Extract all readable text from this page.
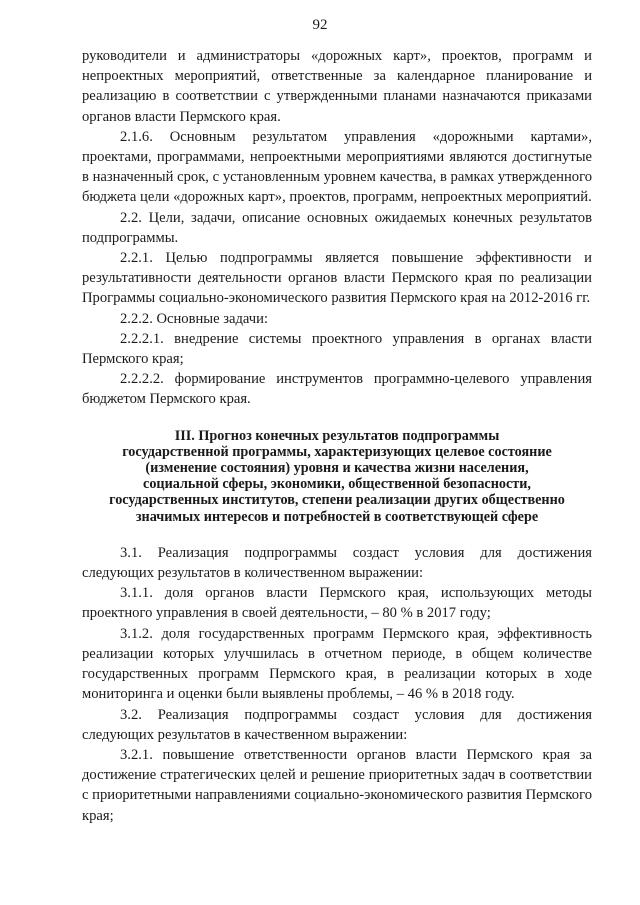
92

руководители и администраторы «дорожных карт», проектов, программ и непроектных мероприятий, ответственные за календарное планирование и реализацию в соответствии с утвержденными планами назначаются приказами органов власти Пермского края.

2.1.6. Основным результатом управления «дорожными картами», проектами, программами, непроектными мероприятиями являются достигнутые в назначенный срок, с установленным уровнем качества, в рамках утвержденного бюджета цели «дорожных карт», проектов, программ, непроектных мероприятий.

2.2. Цели, задачи, описание основных ожидаемых конечных результатов подпрограммы.

2.2.1. Целью подпрограммы является повышение эффективности и результативности деятельности органов власти Пермского края по реализации Программы социально-экономического развития Пермского края на 2012-2016 гг.

2.2.2. Основные задачи:

2.2.2.1. внедрение системы проектного управления в органах власти Пермского края;

2.2.2.2. формирование инструментов программно-целевого управления бюджетом Пермского края.

III. Прогноз конечных результатов подпрограммы
государственной программы, характеризующих целевое состояние
(изменение состояния) уровня и качества жизни населения,
социальной сферы, экономики, общественной безопасности,
государственных институтов, степени реализации других общественно
значимых интересов и потребностей в соответствующей сфере

3.1. Реализация подпрограммы создаст условия для достижения следующих результатов в количественном выражении:

3.1.1. доля органов власти Пермского края, использующих методы проектного управления в своей деятельности, – 80 % в 2017 году;

3.1.2. доля государственных программ Пермского края, эффективность реализации которых улучшилась в отчетном периоде, в общем количестве государственных программ Пермского края, в реализации которых в ходе мониторинга и оценки были выявлены проблемы, – 46 % в 2018 году.

3.2. Реализация подпрограммы создаст условия для достижения следующих результатов в качественном выражении:

3.2.1. повышение ответственности органов власти Пермского края за достижение стратегических целей и решение приоритетных задач в соответствии с приоритетными направлениями социально-экономического развития Пермского края;
